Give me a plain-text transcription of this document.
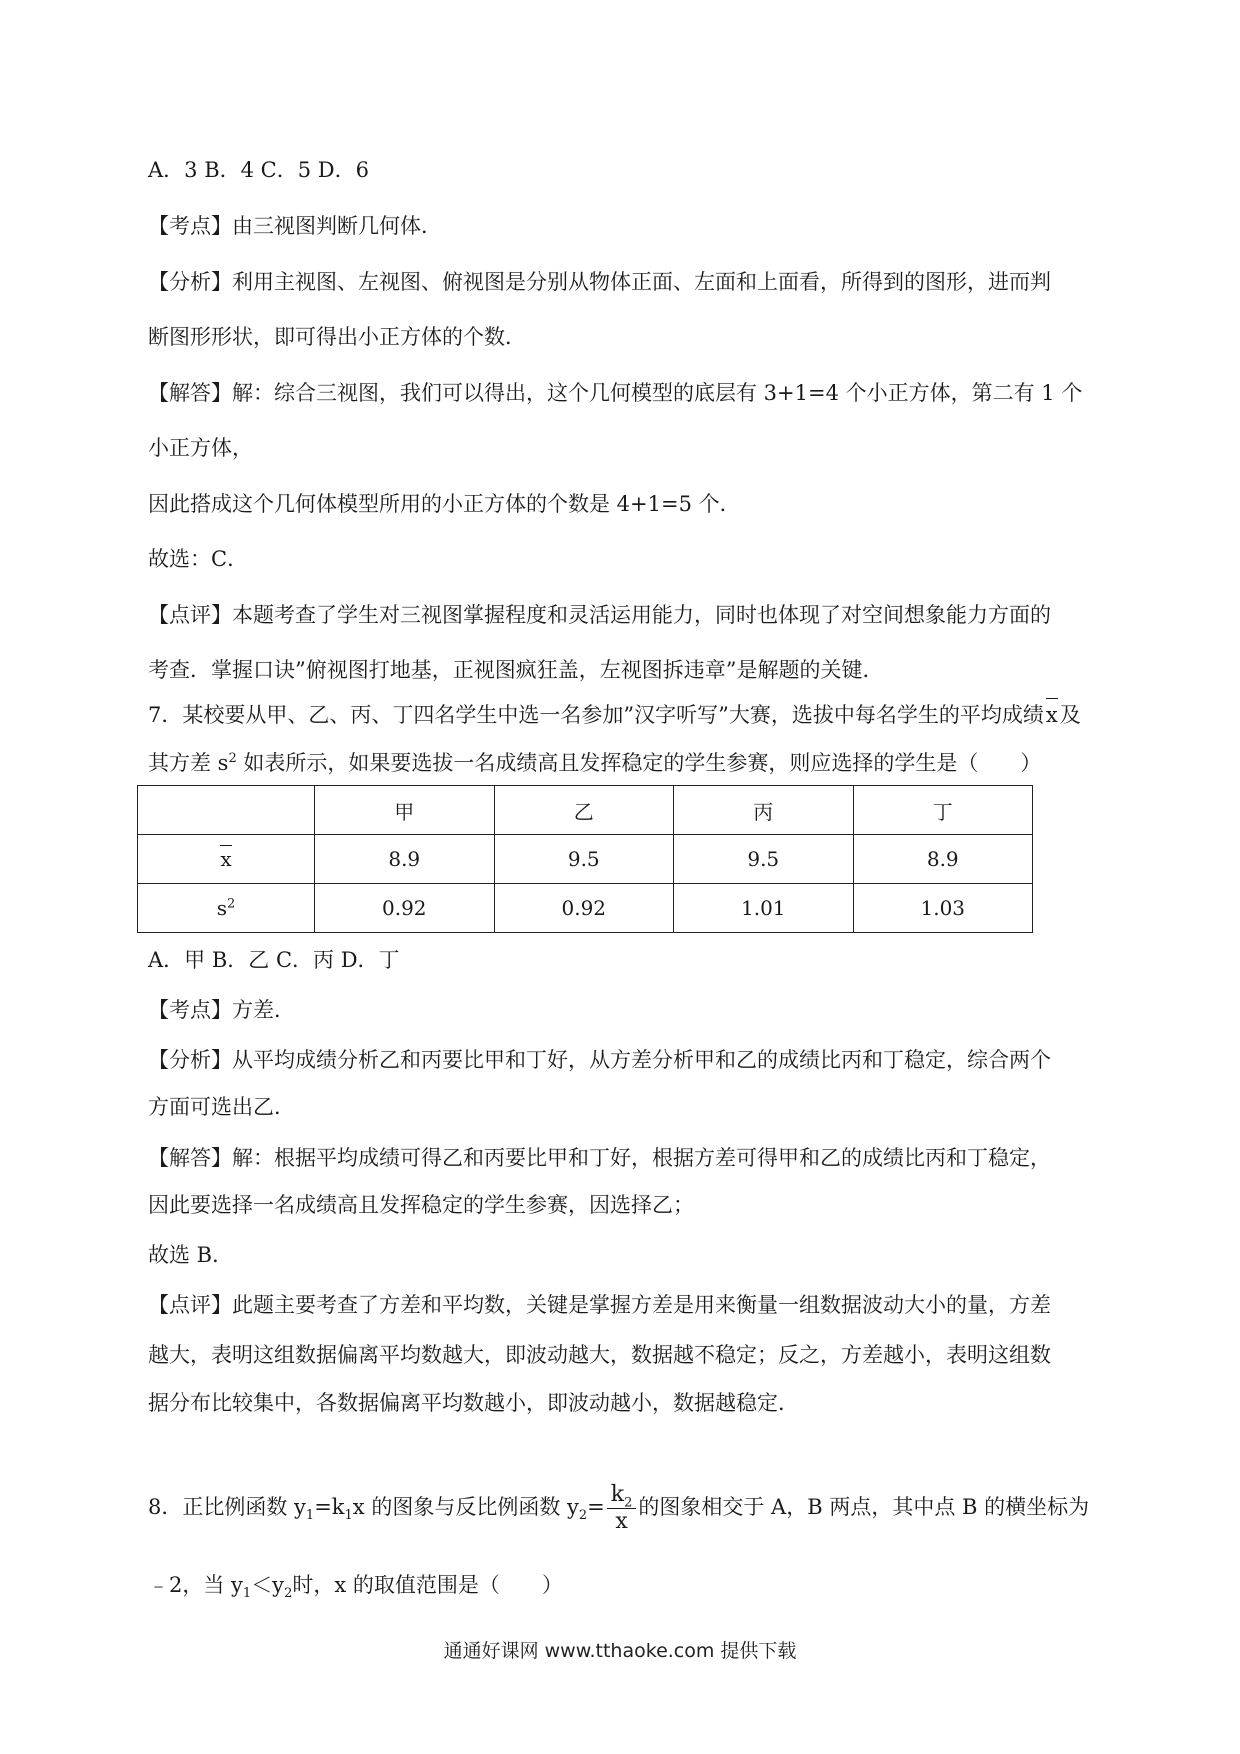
A．3 B．4 C．5 D．6
【考点】由三视图判断几何体．
【分析】利用主视图、左视图、俯视图是分别从物体正面、左面和上面看，所得到的图形，进而判
断图形形状，即可得出小正方体的个数．
【解答】解：综合三视图，我们可以得出，这个几何模型的底层有 3+1=4 个小正方体，第二有 1 个
小正方体，
因此搭成这个几何体模型所用的小正方体的个数是 4+1=5 个．
故选：C．
【点评】本题考查了学生对三视图掌握程度和灵活运用能力，同时也体现了对空间想象能力方面的
考查．掌握口诀”俯视图打地基，正视图疯狂盖，左视图拆违章”是解题的关键．
7．某校要从甲、乙、丙、丁四名学生中选一名参加”汉字听写”大赛，选拔中每名学生的平均成绩x及
其方差 $s^2$ 如表所示，如果要选拔一名成绩高且发挥稳定的学生参赛，则应选择的学生是（　　）
	甲	乙	丙	丁
x	8.9	9.5	9.5	8.9
$s^2$	0.92	0.92	1.01	1.03
A．甲 B．乙 C．丙 D．丁
【考点】方差．
【分析】从平均成绩分析乙和丙要比甲和丁好，从方差分析甲和乙的成绩比丙和丁稳定，综合两个
方面可选出乙．
【解答】解：根据平均成绩可得乙和丙要比甲和丁好，根据方差可得甲和乙的成绩比丙和丁稳定，
因此要选择一名成绩高且发挥稳定的学生参赛，因选择乙；
故选 B．
【点评】此题主要考查了方差和平均数，关键是掌握方差是用来衡量一组数据波动大小的量，方差
越大，表明这组数据偏离平均数越大，即波动越大，数据越不稳定；反之，方差越小，表明这组数
据分布比较集中，各数据偏离平均数越小，即波动越小，数据越稳定．
8．正比例函数 $y_1=k_1x$ 的图象与反比例函数 $y_2= \frac{k_2}{x}$ 的图象相交于 A，B 两点，其中点 B 的横坐标为
﹣2，当 $y_1<y_2$时，x 的取值范围是（　　）
通通好课网 www.tthaoke.com 提供下载
